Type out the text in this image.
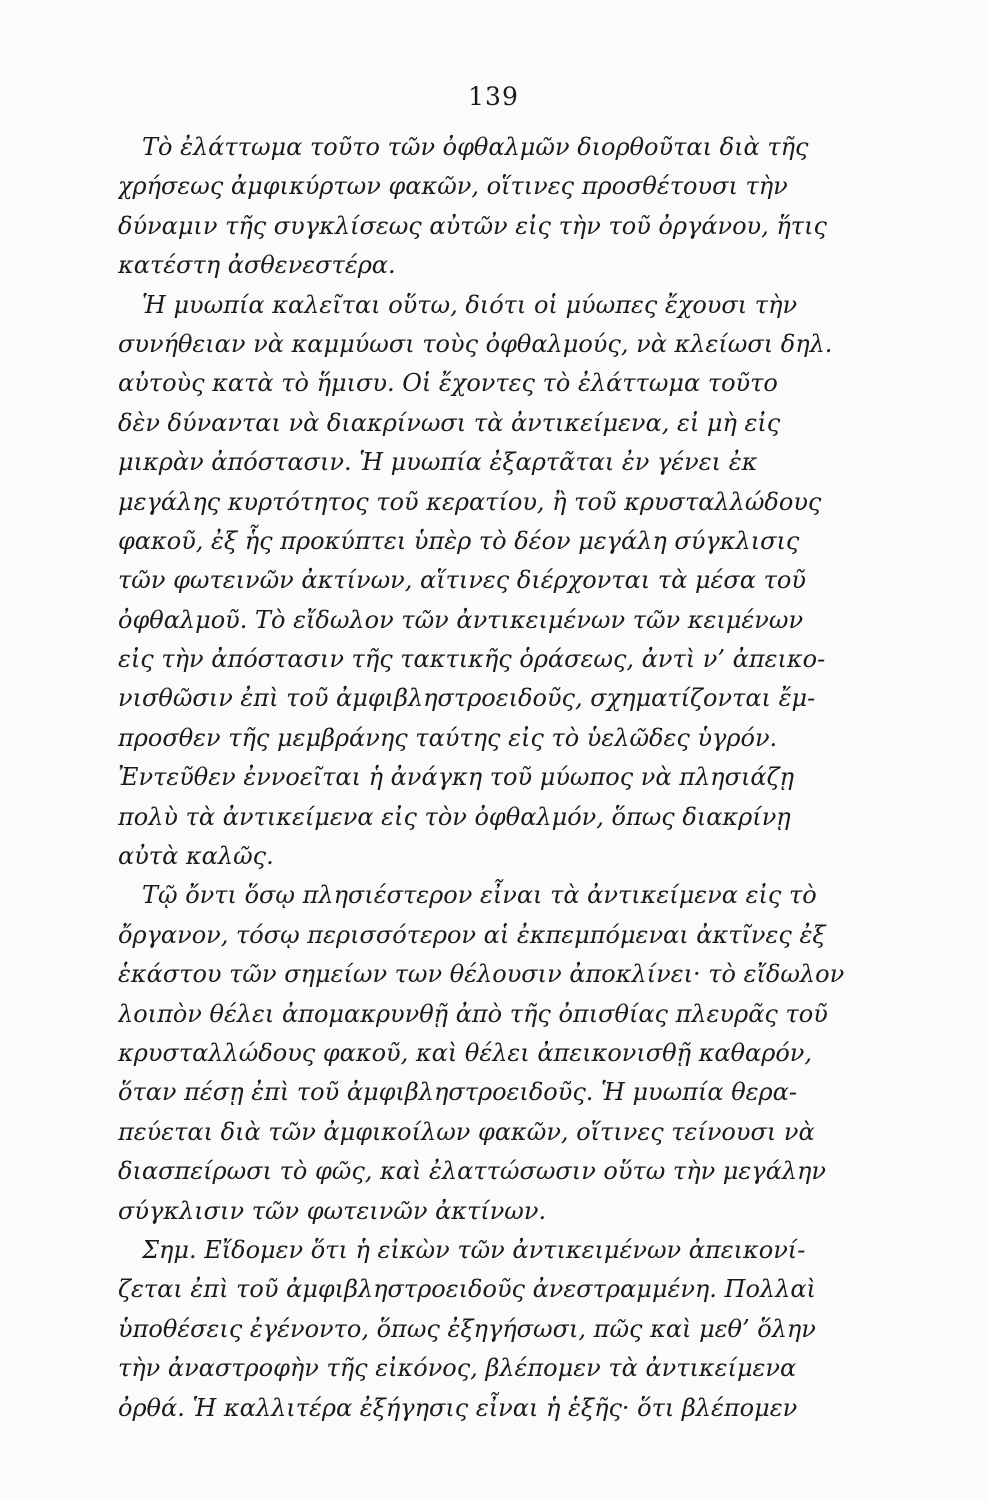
139
Τὸ ἐλάττωμα τοῦτο τῶν ὀφθαλμῶν διορθοῦται διὰ τῆς
χρήσεως ἀμφικύρτων φακῶν, οἵτινες προσθέτουσι τὴν
δύναμιν τῆς συγκλίσεως αὐτῶν εἰς τὴν τοῦ ὀργάνου, ἥτις
κατέστη ἀσθενεστέρα.
Ἡ μυωπία καλεῖται οὕτω, διότι οἱ μύωπες ἔχουσι τὴν
συνήθειαν νὰ καμμύωσι τοὺς ὀφθαλμούς, νὰ κλείωσι δηλ.
αὐτοὺς κατὰ τὸ ἥμισυ. Οἱ ἔχοντες τὸ ἐλάττωμα τοῦτο
δὲν δύνανται νὰ διακρίνωσι τὰ ἀντικείμενα, εἰ μὴ εἰς
μικρὰν ἀπόστασιν. Ἡ μυωπία ἐξαρτᾶται ἐν γένει ἐκ
μεγάλης κυρτότητος τοῦ κερατίου, ἢ τοῦ κρυσταλλώδους
φακοῦ, ἐξ ἧς προκύπτει ὑπὲρ τὸ δέον μεγάλη σύγκλισις
τῶν φωτεινῶν ἀκτίνων, αἵτινες διέρχονται τὰ μέσα τοῦ
ὀφθαλμοῦ. Τὸ εἴδωλον τῶν ἀντικειμένων τῶν κειμένων
εἰς τὴν ἀπόστασιν τῆς τακτικῆς ὁράσεως, ἀντὶ ν’ ἀπεικο-
νισθῶσιν ἐπὶ τοῦ ἀμφιβληστροειδοῦς, σχηματίζονται ἔμ-
προσθεν τῆς μεμβράνης ταύτης εἰς τὸ ὑελῶδες ὑγρόν.
Ἐντεῦθεν ἐννοεῖται ἡ ἀνάγκη τοῦ μύωπος νὰ πλησιάζῃ
πολὺ τὰ ἀντικείμενα εἰς τὸν ὀφθαλμόν, ὅπως διακρίνῃ
αὐτὰ καλῶς.
Τῷ ὄντι ὅσῳ πλησιέστερον εἶναι τὰ ἀντικείμενα εἰς τὸ
ὄργανον, τόσῳ περισσότερον αἱ ἐκπεμπόμεναι ἀκτῖνες ἐξ
ἑκάστου τῶν σημείων των θέλουσιν ἀποκλίνει· τὸ εἴδωλον
λοιπὸν θέλει ἀπομακρυνθῇ ἀπὸ τῆς ὀπισθίας πλευρᾶς τοῦ
κρυσταλλώδους φακοῦ, καὶ θέλει ἀπεικονισθῇ καθαρόν,
ὅταν πέσῃ ἐπὶ τοῦ ἀμφιβληστροειδοῦς. Ἡ μυωπία θερα-
πεύεται διὰ τῶν ἀμφικοίλων φακῶν, οἵτινες τείνουσι νὰ
διασπείρωσι τὸ φῶς, καὶ ἐλαττώσωσιν οὕτω τὴν μεγάλην
σύγκλισιν τῶν φωτεινῶν ἀκτίνων.
Σημ. Εἴδομεν ὅτι ἡ εἰκὼν τῶν ἀντικειμένων ἀπεικονί-
ζεται ἐπὶ τοῦ ἀμφιβληστροειδοῦς ἀνεστραμμένη. Πολλαὶ
ὑποθέσεις ἐγένοντο, ὅπως ἐξηγήσωσι, πῶς καὶ μεθ’ ὅλην
τὴν ἀναστροφὴν τῆς εἰκόνος, βλέπομεν τὰ ἀντικείμενα
ὀρθά. Ἡ καλλιτέρα ἐξήγησις εἶναι ἡ ἑξῆς· ὅτι βλέπομεν
